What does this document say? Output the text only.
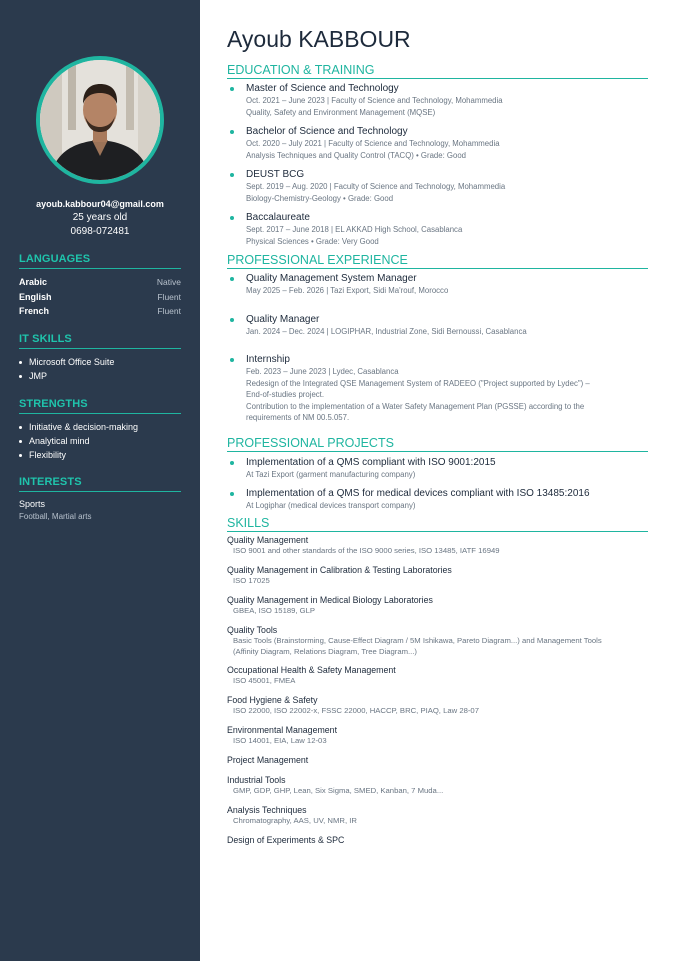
ayoub.kabbour04@gmail.com
25 years old
0698-072481
LANGUAGES
Arabic	Native
English	Fluent
French	Fluent
IT SKILLS
Microsoft Office Suite
JMP
STRENGTHS
Initiative & decision-making
Analytical mind
Flexibility
INTERESTS
Sports
Football, Martial arts
Ayoub KABBOUR
EDUCATION & TRAINING
Master of Science and Technology
Oct. 2021 – June 2023 | Faculty of Science and Technology, Mohammedia
Quality, Safety and Environment Management (MQSE)
Bachelor of Science and Technology
Oct. 2020 – July 2021 | Faculty of Science and Technology, Mohammedia
Analysis Techniques and Quality Control (TACQ) • Grade: Good
DEUST BCG
Sept. 2019 – Aug. 2020 | Faculty of Science and Technology, Mohammedia
Biology-Chemistry-Geology • Grade: Good
Baccalaureate
Sept. 2017 – June 2018 | EL AKKAD High School, Casablanca
Physical Sciences • Grade: Very Good
PROFESSIONAL EXPERIENCE
Quality Management System Manager
May 2025 – Feb. 2026 | Tazi Export, Sidi Ma'rouf, Morocco
Quality Manager
Jan. 2024 – Dec. 2024 | LOGIPHAR, Industrial Zone, Sidi Bernoussi, Casablanca
Internship
Feb. 2023 – June 2023 | Lydec, Casablanca
Redesign of the Integrated QSE Management System of RADEEO ("Project supported by Lydec") –
End-of-studies project.
Contribution to the implementation of a Water Safety Management Plan (PGSSE) according to the
requirements of NM 00.5.057.
PROFESSIONAL PROJECTS
Implementation of a QMS compliant with ISO 9001:2015
At Tazi Export (garment manufacturing company)
Implementation of a QMS for medical devices compliant with ISO 13485:2016
At Logiphar (medical devices transport company)
SKILLS
Quality Management
ISO 9001 and other standards of the ISO 9000 series, ISO 13485, IATF 16949
Quality Management in Calibration & Testing Laboratories
ISO 17025
Quality Management in Medical Biology Laboratories
GBEA, ISO 15189, GLP
Quality Tools
Basic Tools (Brainstorming, Cause-Effect Diagram / 5M Ishikawa, Pareto Diagram...) and Management Tools
(Affinity Diagram, Relations Diagram, Tree Diagram...)
Occupational Health & Safety Management
ISO 45001, FMEA
Food Hygiene & Safety
ISO 22000, ISO 22002-x, FSSC 22000, HACCP, BRC, PIAQ, Law 28-07
Environmental Management
ISO 14001, EIA, Law 12-03
Project Management
Industrial Tools
GMP, GDP, GHP, Lean, Six Sigma, SMED, Kanban, 7 Muda...
Analysis Techniques
Chromatography, AAS, UV, NMR, IR
Design of Experiments & SPC
